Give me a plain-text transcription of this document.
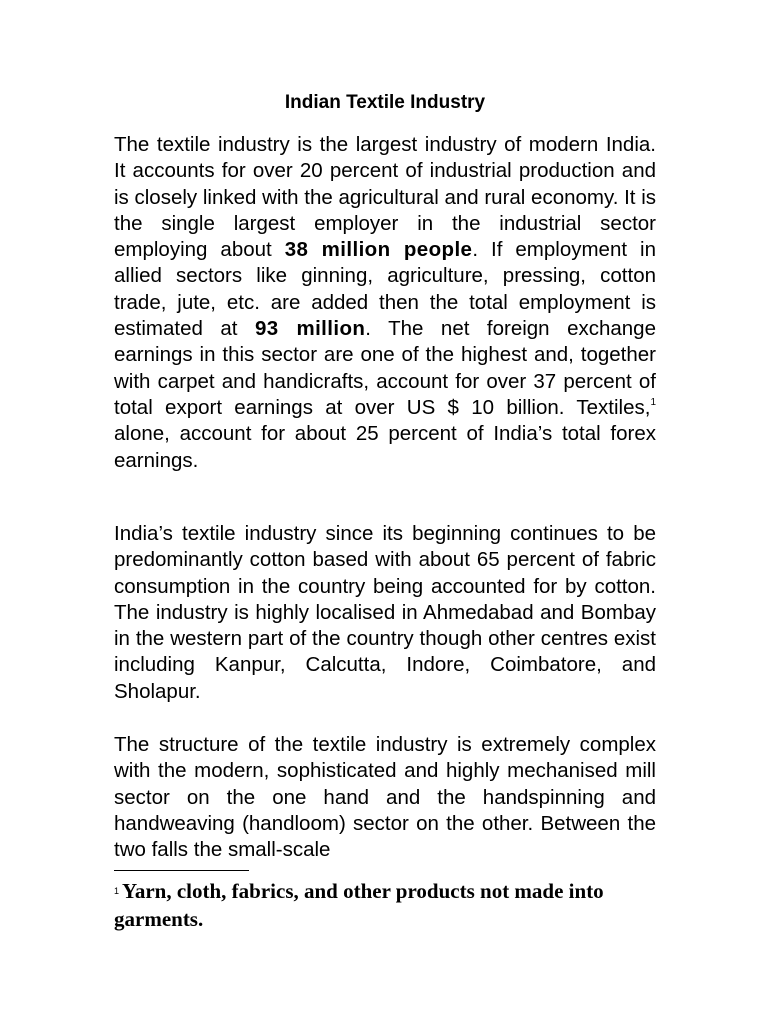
Indian Textile Industry

The textile industry is the largest industry of modern India. It accounts for over 20 percent of industrial production and is closely linked with the agricultural and rural economy. It is the single largest employer in the industrial sector employing about 38 million people. If employment in allied sectors like ginning, agriculture, pressing, cotton trade, jute, etc. are added then the total employment is estimated at 93 million. The net foreign exchange earnings in this sector are one of the highest and, together with carpet and handicrafts, account for over 37 percent of total export earnings at over US $ 10 billion. Textiles,$^1$ alone, account for about 25 percent of India’s total forex earnings.

India’s textile industry since its beginning continues to be predominantly cotton based with about 65 percent of fabric consumption in the country being accounted for by cotton. The industry is highly localised in Ahmedabad and Bombay in the western part of the country though other centres exist including Kanpur, Calcutta, Indore, Coimbatore, and Sholapur.

The structure of the textile industry is extremely complex with the modern, sophisticated and highly mechanised mill sector on the one hand and the handspinning and handweaving (handloom) sector on the other. Between the two falls the small-scale

1 Yarn, cloth, fabrics, and other products not made into garments.
